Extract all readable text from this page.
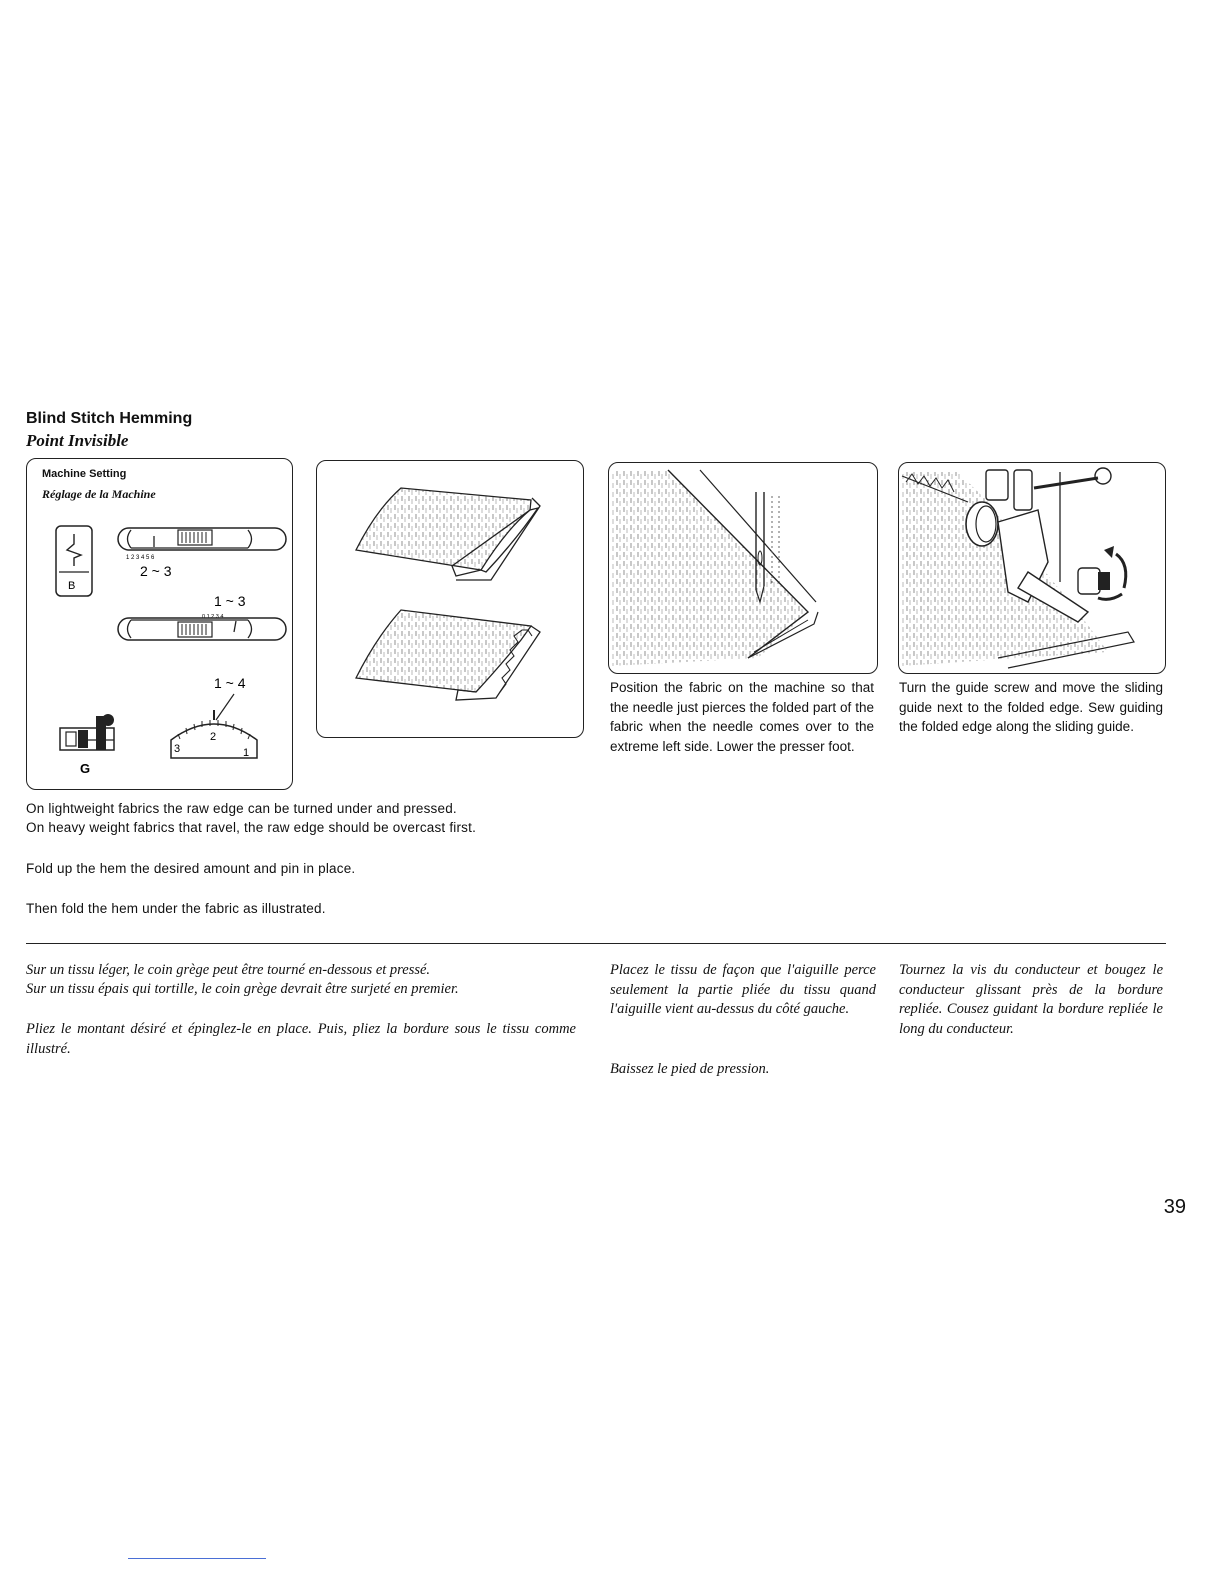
Blind Stitch Hemming
Point Invisible
Machine Setting
Réglage de la Machine
B
1 2 3 4 5 6
2 ~ 3
1 ~ 3
0 1 2 3 4
1 ~ 4
3
2
1
G
Position the fabric on the machine so that the needle just pierces the folded part of the fabric when the needle comes over to the extreme left side. Lower the presser foot.
Turn the guide screw and move the sliding guide next to the folded edge. Sew guiding the folded edge along the sliding guide.
On lightweight fabrics the raw edge can be turned under and pressed.
On heavy weight fabrics that ravel, the raw edge should be overcast first.
Fold up the hem the desired amount and pin in place.
Then fold the hem under the fabric as illustrated.
Sur un tissu léger, le coin grège peut être tourné en-dessous et pressé.
Sur un tissu épais qui tortille, le coin grège devrait être surjeté en premier.
Pliez le montant désiré et épinglez-le en place. Puis, pliez la bordure sous le tissu comme illustré.
Placez le tissu de façon que l'aiguille perce seulement la partie pliée du tissu quand l'aiguille vient au-dessus du côté gauche.
Baissez le pied de pression.
Tournez la vis du conducteur et bougez le conducteur glissant près de la bordure repliée. Cousez guidant la bordure repliée le long du conducteur.
39
